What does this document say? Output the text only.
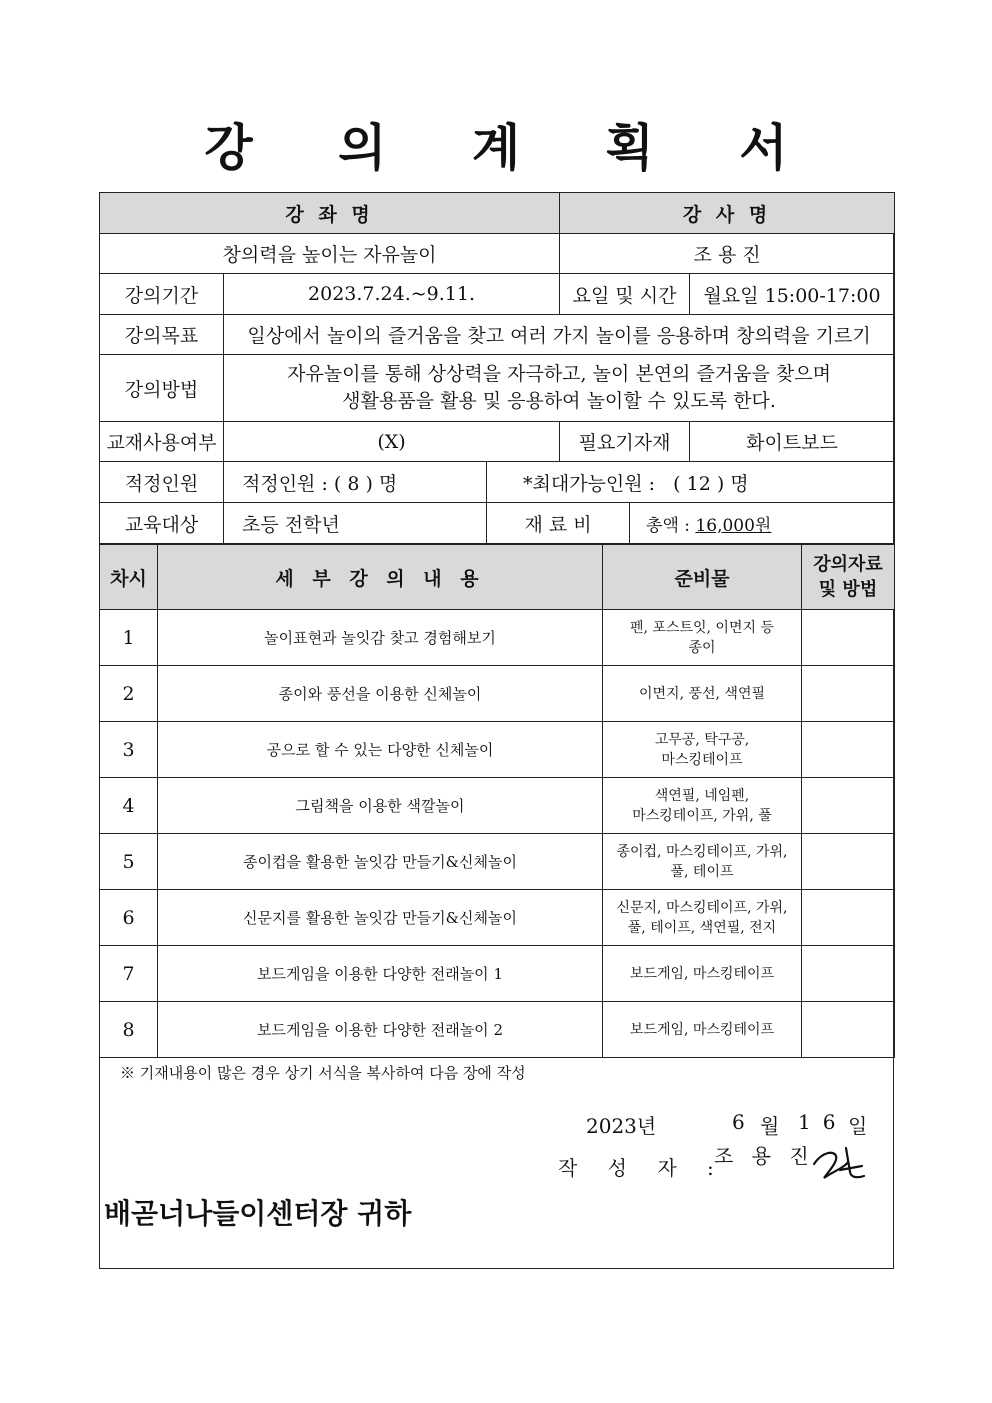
강 의 계 획 서
강 좌 명			강 사 명		
창의력을 높이는 자유놀이			조 용 진		
강의기간	2023.7.24.~9.11.		요일 및 시간		월요일 15:00-17:00
강의목표	일상에서 놀이의 즐거움을 찾고 여러 가지 놀이를 응용하며 창의력을 기르기				
강의방법	자유놀이를 통해 상상력을 자극하고, 놀이 본연의 즐거움을 찾으며
생활용품을 활용 및 응용하여 놀이할 수 있도록 한다.				

교재사용여부	(X)		필요기자재		화이트보드
적정인원	적정인원 : ( 8 ) 명	*최대가능인원 :   ( 12 ) 명			
교육대상	초등 전학년	재 료 비		총액 : 16,000원	
차시	세 부 강 의 내 용	준비물	강의자료
및 방법

1	놀이표현과 놀잇감 찾고 경험해보기	펜, 포스트잇, 이면지 등
종이	

2	종이와 풍선을 이용한 신체놀이	이면지, 풍선, 색연필	

3	공으로 할 수 있는 다양한 신체놀이	고무공, 탁구공,
마스킹테이프	

4	그림책을 이용한 색깔놀이	색연필, 네임펜,
마스킹테이프, 가위, 풀	

5	종이컵을 활용한 놀잇감 만들기&신체놀이	종이컵, 마스킹테이프, 가위,
풀, 테이프	

6	신문지를 활용한 놀잇감 만들기&신체놀이	신문지, 마스킹테이프, 가위,
풀, 테이프, 색연필, 전지	

7	보드게임을 이용한 다양한 전래놀이 1	보드게임, 마스킹테이프	

8	보드게임을 이용한 다양한 전래놀이 2	보드게임, 마스킹테이프	

※ 기재내용이 많은 경우 상기 서식을 복사하여 다음 장에 작성
2023년	6 월 16 일
작 성 자 :
조 용 진
배곧너나들이센터장 귀하
